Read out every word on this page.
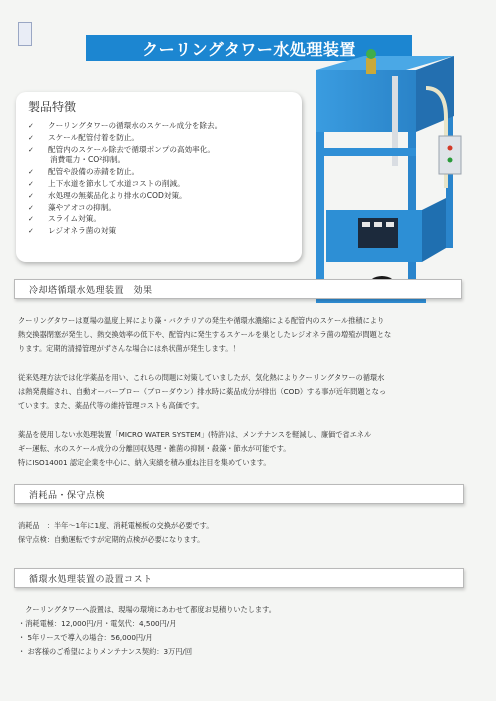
クーリングタワー水処理装置
製品特徴
✓	クーリングタワーの循環水のスケール成分を除去。
✓	スケール配管付着を防止。
✓	配管内のスケール除去で循環ポンプの高効率化。
消費電力・CO²抑制。
✓	配管や設備の赤錆を防止。
✓	上下水道を節水して水道コストの削減。
✓	水処理の無薬品化より排水のCOD対策。
✓	藻やアオコの抑制。
✓	スライム対策。
✓	レジオネラ菌の対策
冷却塔循環水処理装置　効果
クーリングタワーは夏場の温度上昇により藻・バクテリアの発生や循環水濃縮による配管内のスケール推積により
熱交換器閉塞が発生し、熱交換効率の低下や、配管内に発生するスケールを巣としたレジオネラ菌の増殖が問題とな
ります。定期的清掃管理がずさんな場合には糸状菌が発生します。！
従来処理方法では化学薬品を用い、これらの問題に対策していましたが、気化熱によりクーリングタワーの循環水
は熱発農縮され、自動オーバーブロー（ブローダウン）排水時に薬品成分が排出（COD）する事が近年問題となっ
ています。また、薬品代等の維持管理コストも高価です。
薬品を使用しない水処理装置「MICRO WATER SYSTEM」(特許)は、メンテナンスを軽減し、廉価で省エネル
ギー運転、水のスケール成分の分離回収処理・雑菌の抑制・殺藻・節水が可能です。
特にISO14001 認定企業を中心に、納入実績を積み重ね注目を集めています。
消耗品・保守点検
消耗品　：半年～1年に1度、消耗電極板の交換が必要です。
保守点検：自動運転ですが定期的点検が必要になります。
循環水処理装置の設置コスト
　クーリングタワーへ設置は、現場の環境にあわせて都度お見積りいたします。
・消耗電極：12,000円/月・電気代：4,500円/月
・ 5年リースで導入の場合：56,000円/月
・ お客様のご希望によりメンテナンス契約：3万円/回
